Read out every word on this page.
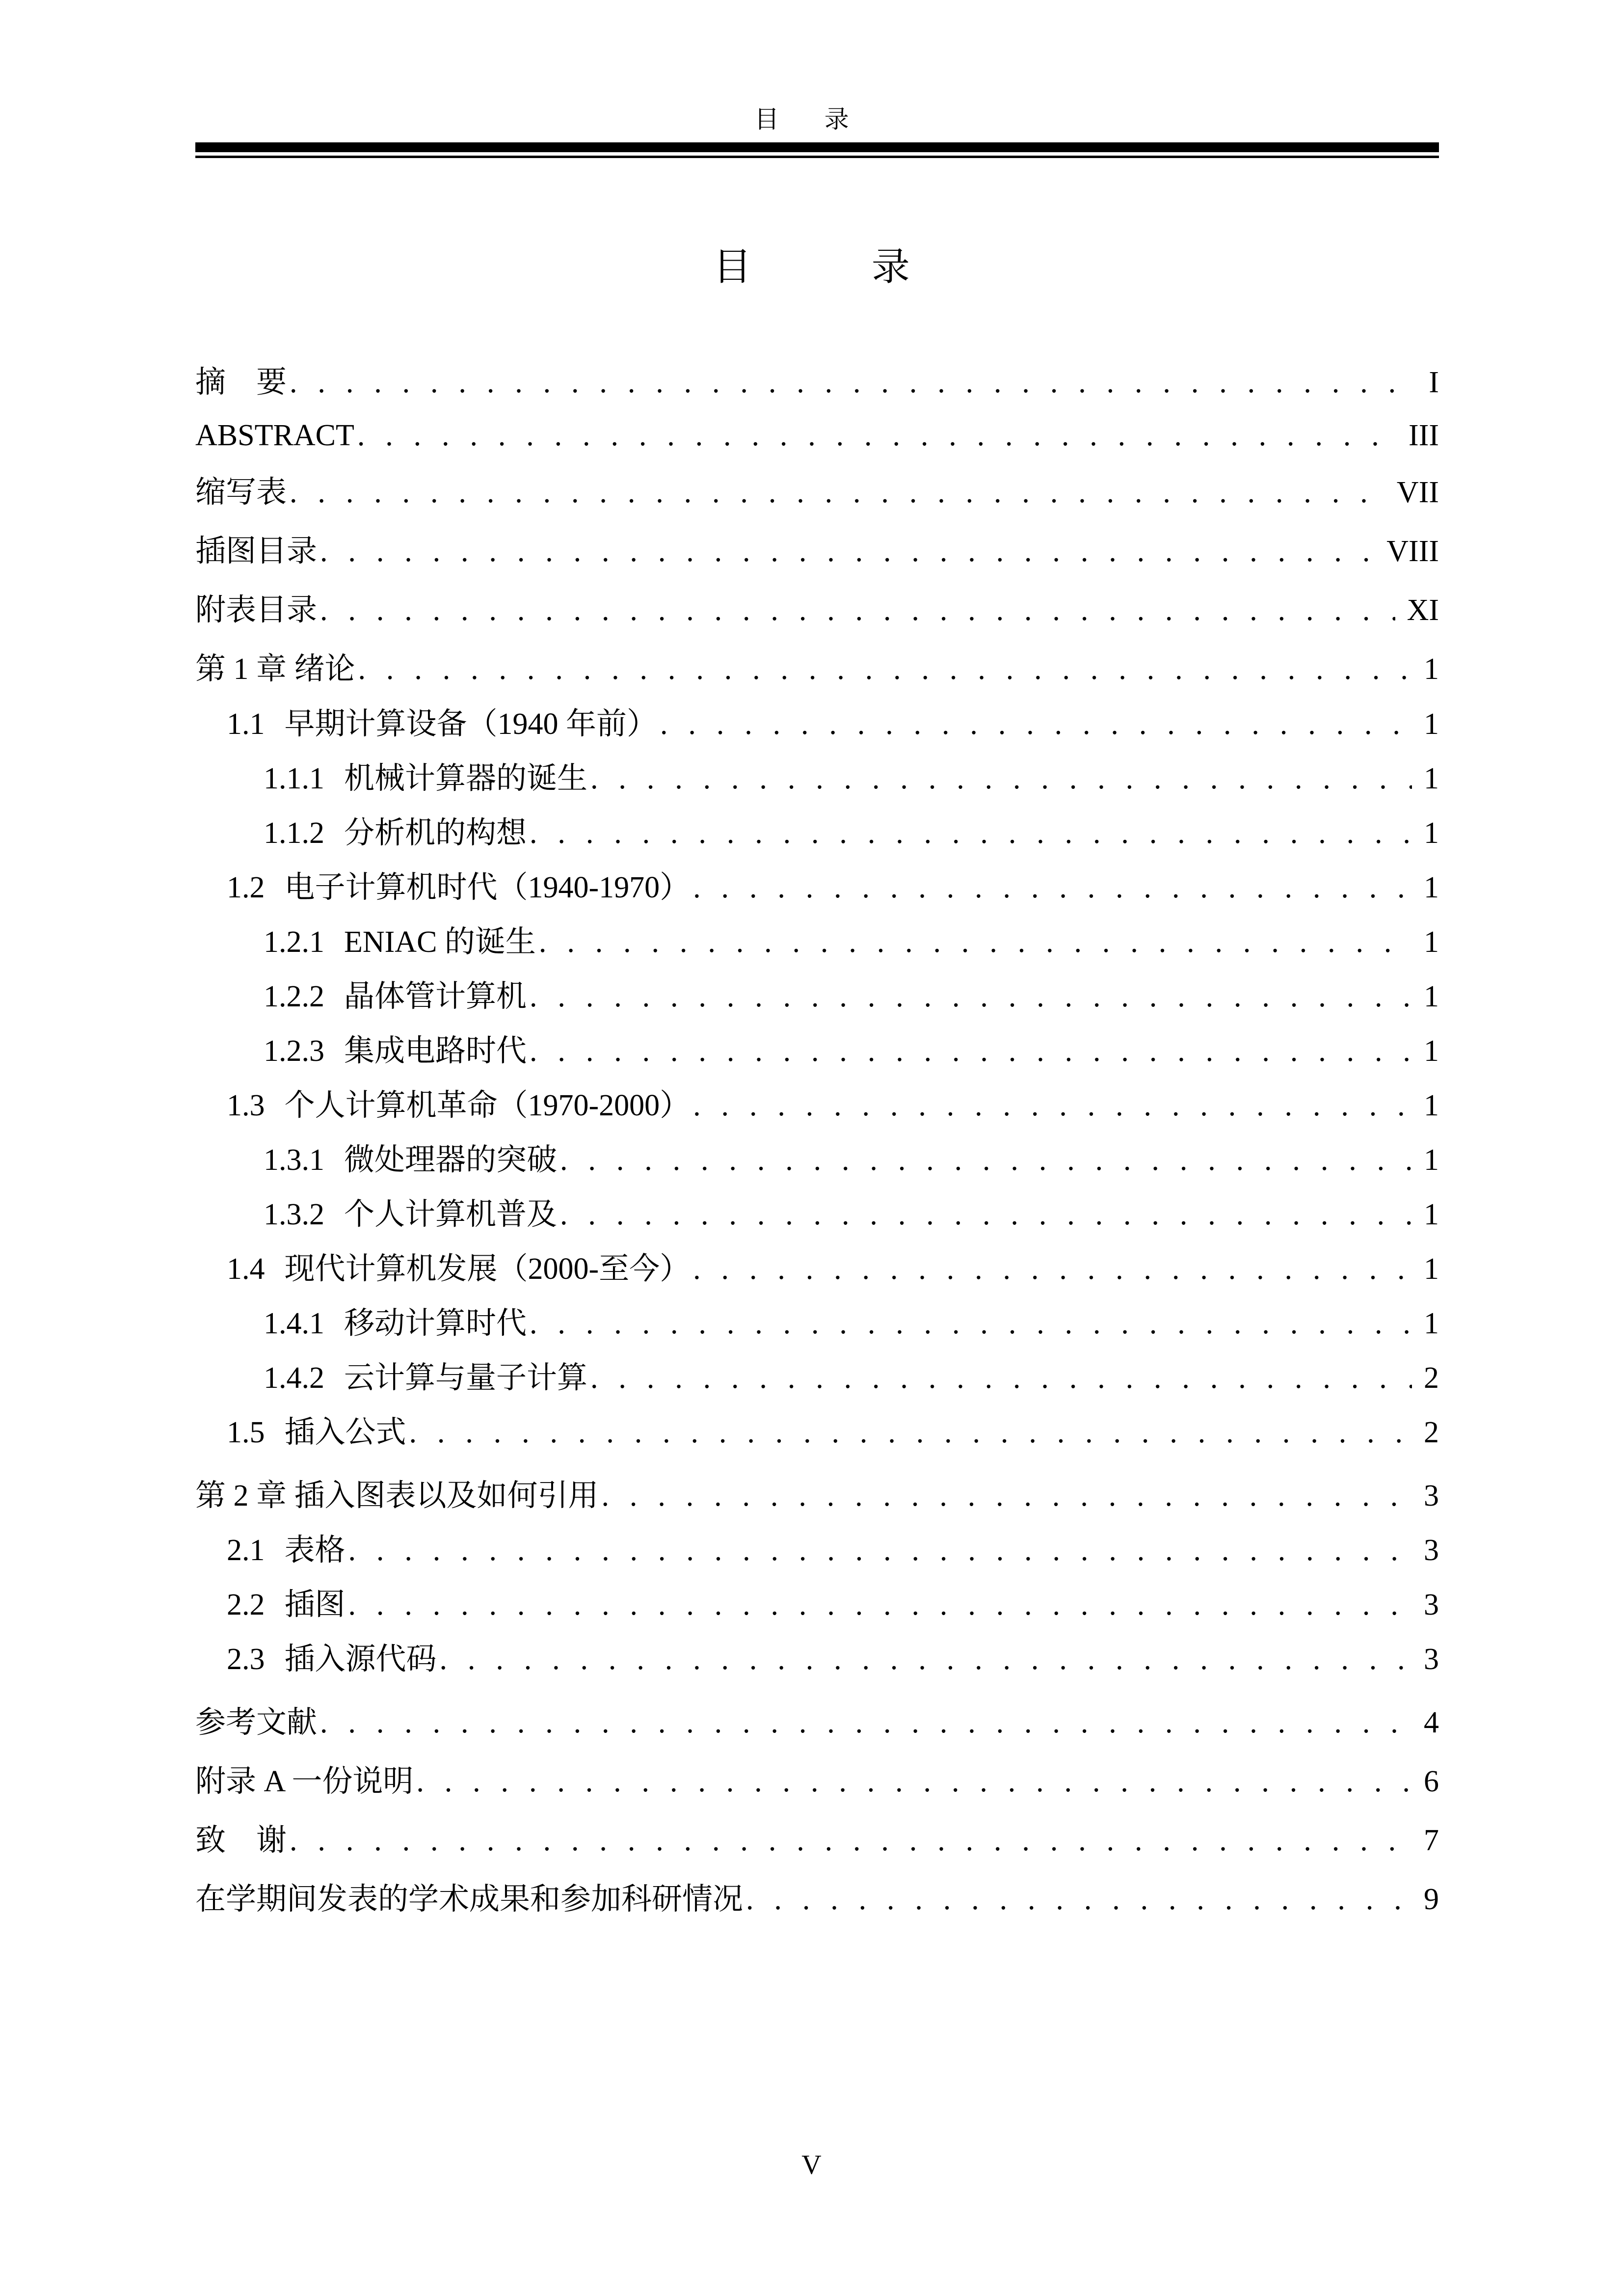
目 录
目 录
摘　要 . . .	I
ABSTRACT . . .	III
缩写表 . . .	VII
插图目录 . . .	VIII
附表目录 . . .	XI
第 1 章 绪论 . . .	1
1.1 早期计算设备（1940 年前） . . .	1
1.1.1 机械计算器的诞生 . . .	1
1.1.2 分析机的构想 . . .	1
1.2 电子计算机时代（1940-1970） . . .	1
1.2.1 ENIAC 的诞生 . . .	1
1.2.2 晶体管计算机 . . .	1
1.2.3 集成电路时代 . . .	1
1.3 个人计算机革命（1970-2000） . . .	1
1.3.1 微处理器的突破 . . .	1
1.3.2 个人计算机普及 . . .	1
1.4 现代计算机发展（2000-至今） . . .	1
1.4.1 移动计算时代 . . .	1
1.4.2 云计算与量子计算 . . .	2
1.5 插入公式 . . .	2
第 2 章 插入图表以及如何引用 . . .	3
2.1 表格 . . .	3
2.2 插图 . . .	3
2.3 插入源代码 . . .	3
参考文献 . . .	4
附录 A 一份说明 . . .	6
致　谢 . . .	7
在学期间发表的学术成果和参加科研情况 . . .	9
V
